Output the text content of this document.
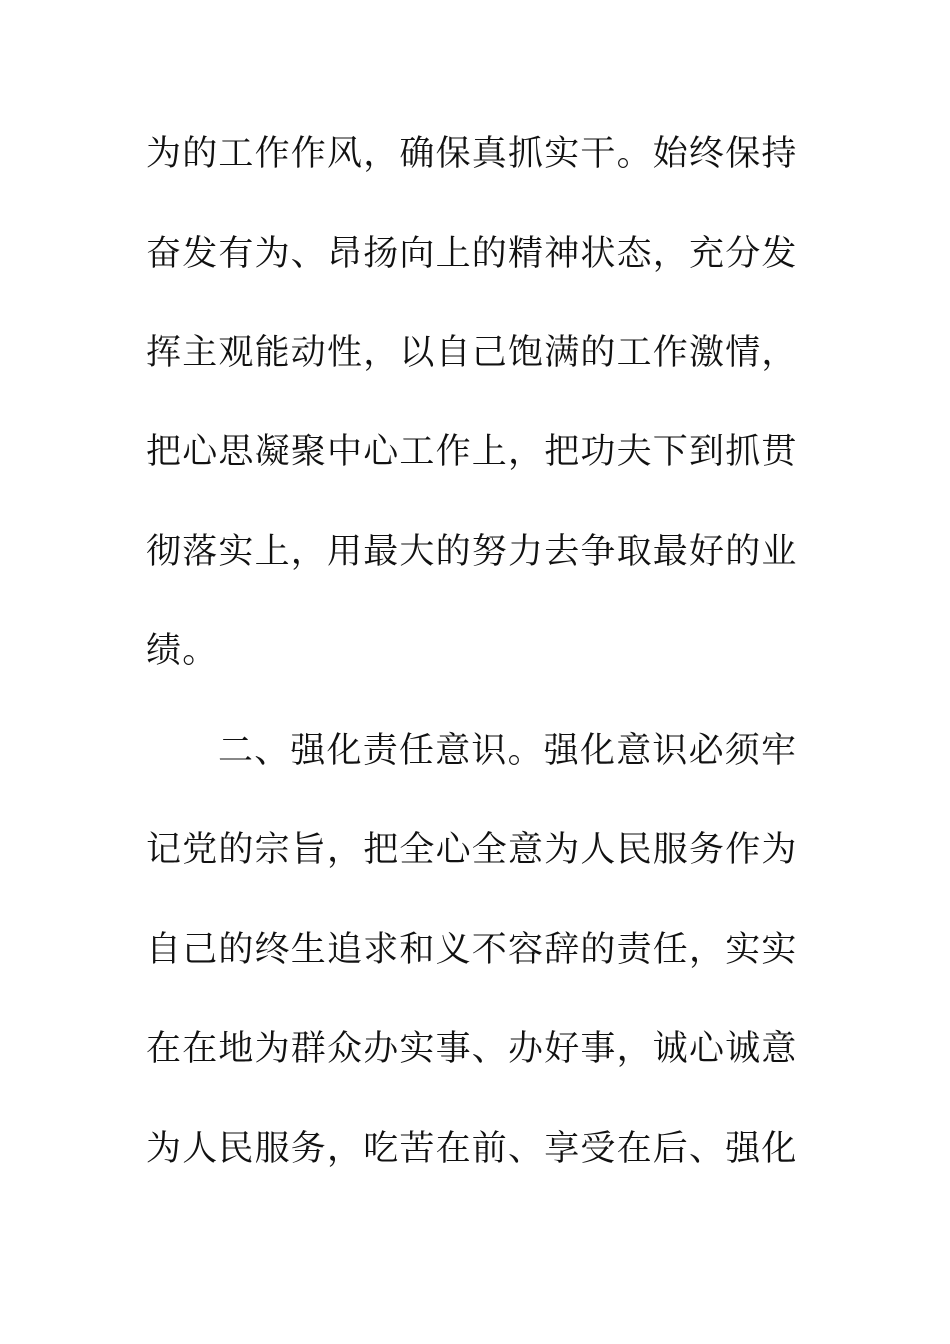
为的工作作风，确保真抓实干。始终保持
奋发有为、昂扬向上的精神状态，充分发
挥主观能动性，以自己饱满的工作激情，
把心思凝聚中心工作上，把功夫下到抓贯
彻落实上，用最大的努力去争取最好的业
绩。
二、强化责任意识。强化意识必须牢
记党的宗旨，把全心全意为人民服务作为
自己的终生追求和义不容辞的责任，实实
在在地为群众办实事、办好事，诚心诚意
为人民服务，吃苦在前、享受在后、强化
